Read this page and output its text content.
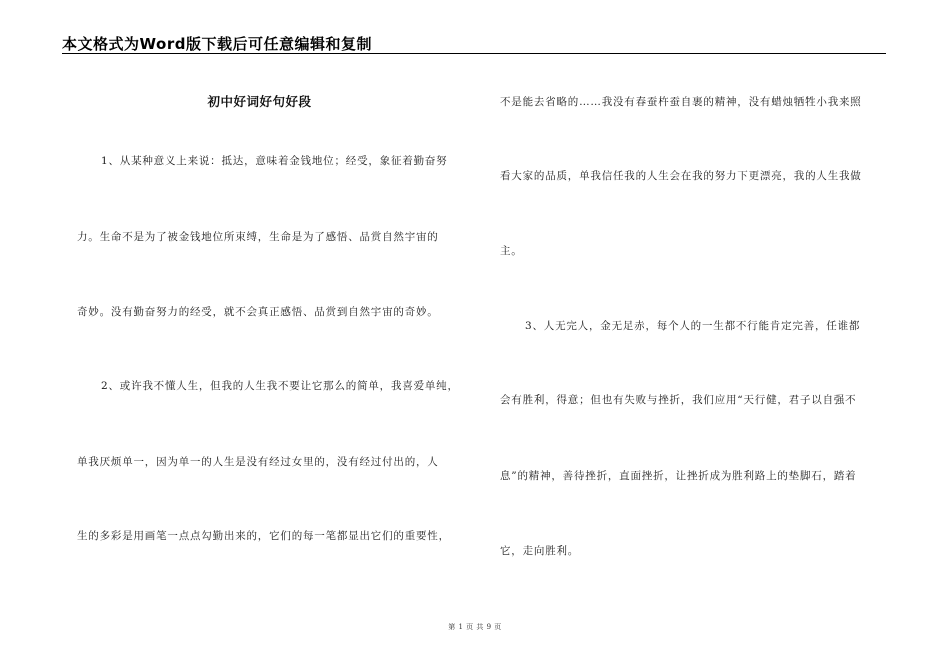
本文格式为Word版下载后可任意编辑和复制
初中好词好句好段
1、从某种意义上来说：抵达，意味着金钱地位；经受，象征着勤奋努
力。生命不是为了被金钱地位所束缚，生命是为了感悟、品赏自然宇宙的
奇妙。没有勤奋努力的经受，就不会真正感悟、品赏到自然宇宙的奇妙。
2、或许我不懂人生，但我的人生我不要让它那么的简单，我喜爱单纯，
单我厌烦单一，因为单一的人生是没有经过女里的，没有经过付出的，人
生的多彩是用画笔一点点勾勤出来的，它们的每一笔都显出它们的重要性，
不是能去省略的……我没有春蚕杵蚕自裹的精神，没有蜡烛牺牲小我来照
看大家的品质，单我信任我的人生会在我的努力下更漂亮，我的人生我做
主。
3、人无完人，金无足赤，每个人的一生都不行能肯定完善，任谁都
会有胜利，得意；但也有失败与挫折，我们应用“天行健，君子以自强不
息”的精神，善待挫折，直面挫折，让挫折成为胜利路上的垫脚石，踏着
它，走向胜利。
第 1 页 共 9 页
